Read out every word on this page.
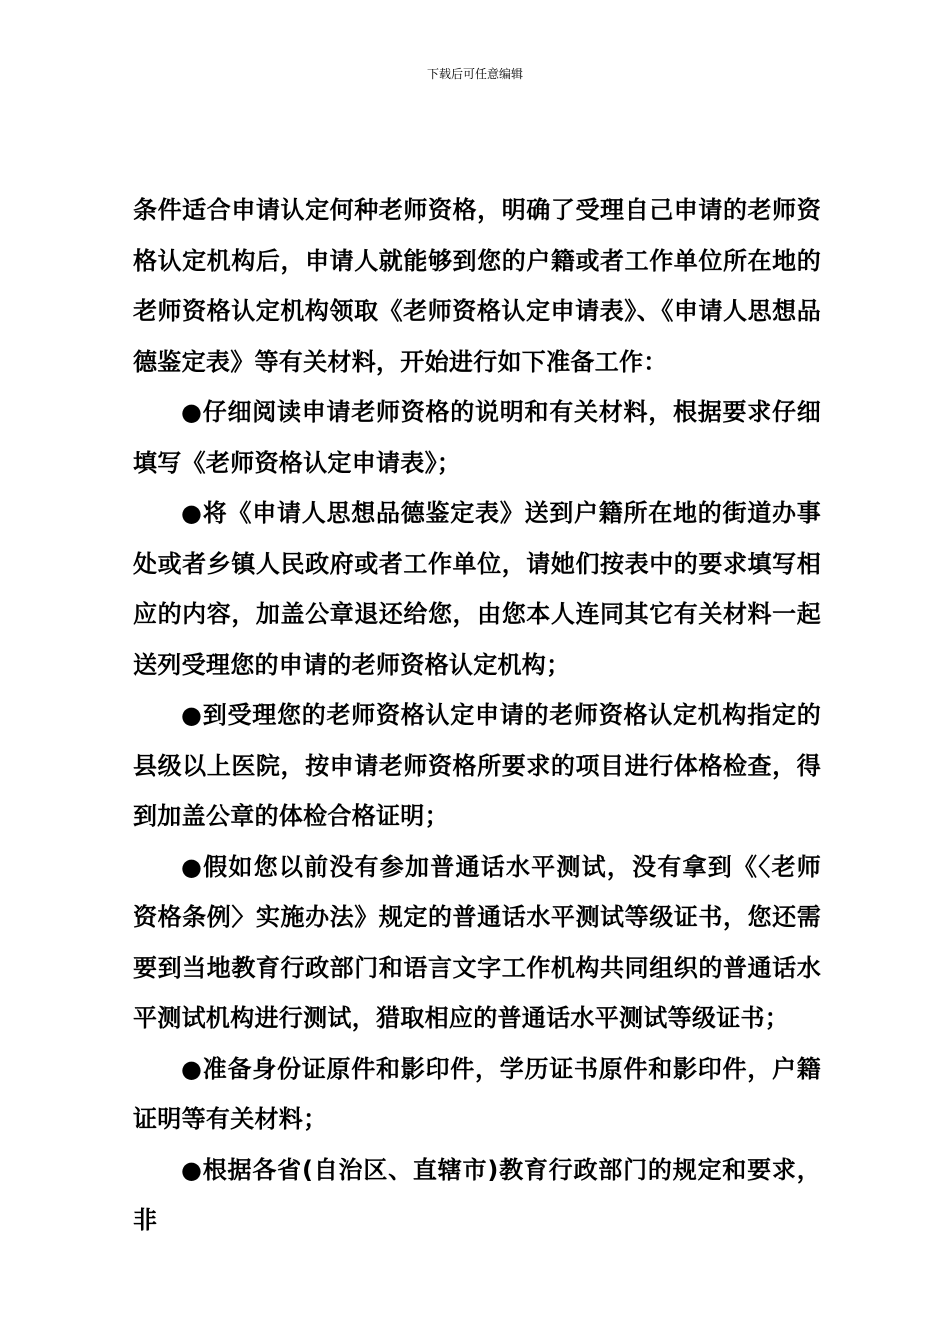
下载后可任意编辑

条件适合申请认定何种老师资格，明确了受理自己申请的老师资格认定机构后，申请人就能够到您的户籍或者工作单位所在地的老师资格认定机构领取《老师资格认定申请表》、《申请人思想品德鉴定表》等有关材料，开始进行如下准备工作：

●仔细阅读申请老师资格的说明和有关材料，根据要求仔细填写《老师资格认定申请表》；

●将《申请人思想品德鉴定表》送到户籍所在地的街道办事处或者乡镇人民政府或者工作单位，请她们按表中的要求填写相应的内容，加盖公章退还给您，由您本人连同其它有关材料一起送列受理您的申请的老师资格认定机构；

●到受理您的老师资格认定申请的老师资格认定机构指定的县级以上医院，按申请老师资格所要求的项目进行体格检查，得到加盖公章的体检合格证明；

●假如您以前没有参加普通话水平测试，没有拿到《〈老师资格条例〉实施办法》规定的普通话水平测试等级证书，您还需要到当地教育行政部门和语言文字工作机构共同组织的普通话水平测试机构进行测试，猎取相应的普通话水平测试等级证书；

●准备身份证原件和影印件，学历证书原件和影印件，户籍证明等有关材料；

●根据各省(自治区、直辖市)教育行政部门的规定和要求，非
